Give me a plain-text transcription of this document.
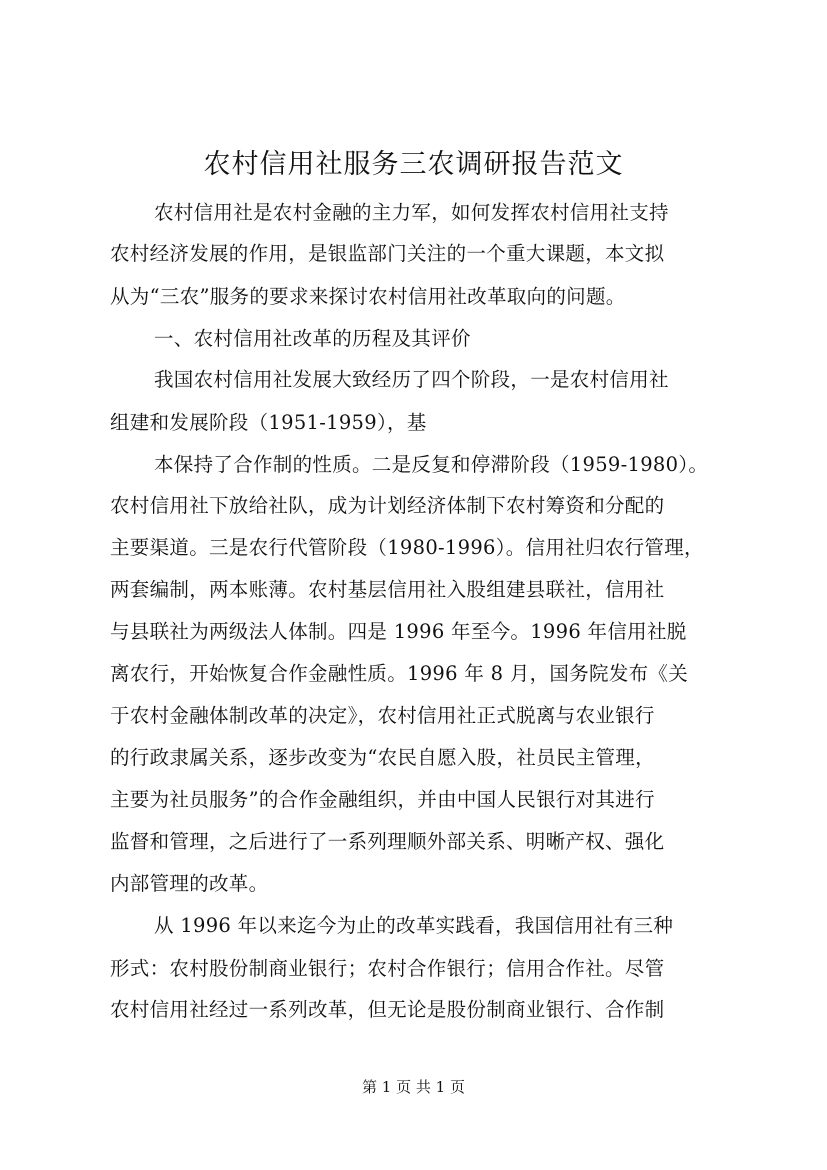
农村信用社服务三农调研报告范文
农村信用社是农村金融的主力军，如何发挥农村信用社支持
农村经济发展的作用，是银监部门关注的一个重大课题，本文拟
从为“三农”服务的要求来探讨农村信用社改革取向的问题。
一、农村信用社改革的历程及其评价
我国农村信用社发展大致经历了四个阶段，一是农村信用社
组建和发展阶段（1951-1959），基
本保持了合作制的性质。二是反复和停滞阶段（1959-1980）。
农村信用社下放给社队，成为计划经济体制下农村筹资和分配的
主要渠道。三是农行代管阶段（1980-1996）。信用社归农行管理，
两套编制，两本账薄。农村基层信用社入股组建县联社，信用社
与县联社为两级法人体制。四是 1996 年至今。1996 年信用社脱
离农行，开始恢复合作金融性质。1996 年 8 月，国务院发布《关
于农村金融体制改革的决定》，农村信用社正式脱离与农业银行
的行政隶属关系，逐步改变为“农民自愿入股，社员民主管理，
主要为社员服务”的合作金融组织，并由中国人民银行对其进行
监督和管理，之后进行了一系列理顺外部关系、明晰产权、强化
内部管理的改革。
从 1996 年以来迄今为止的改革实践看，我国信用社有三种
形式：农村股份制商业银行；农村合作银行；信用合作社。尽管
农村信用社经过一系列改革，但无论是股份制商业银行、合作制
第 1 页 共 1 页
